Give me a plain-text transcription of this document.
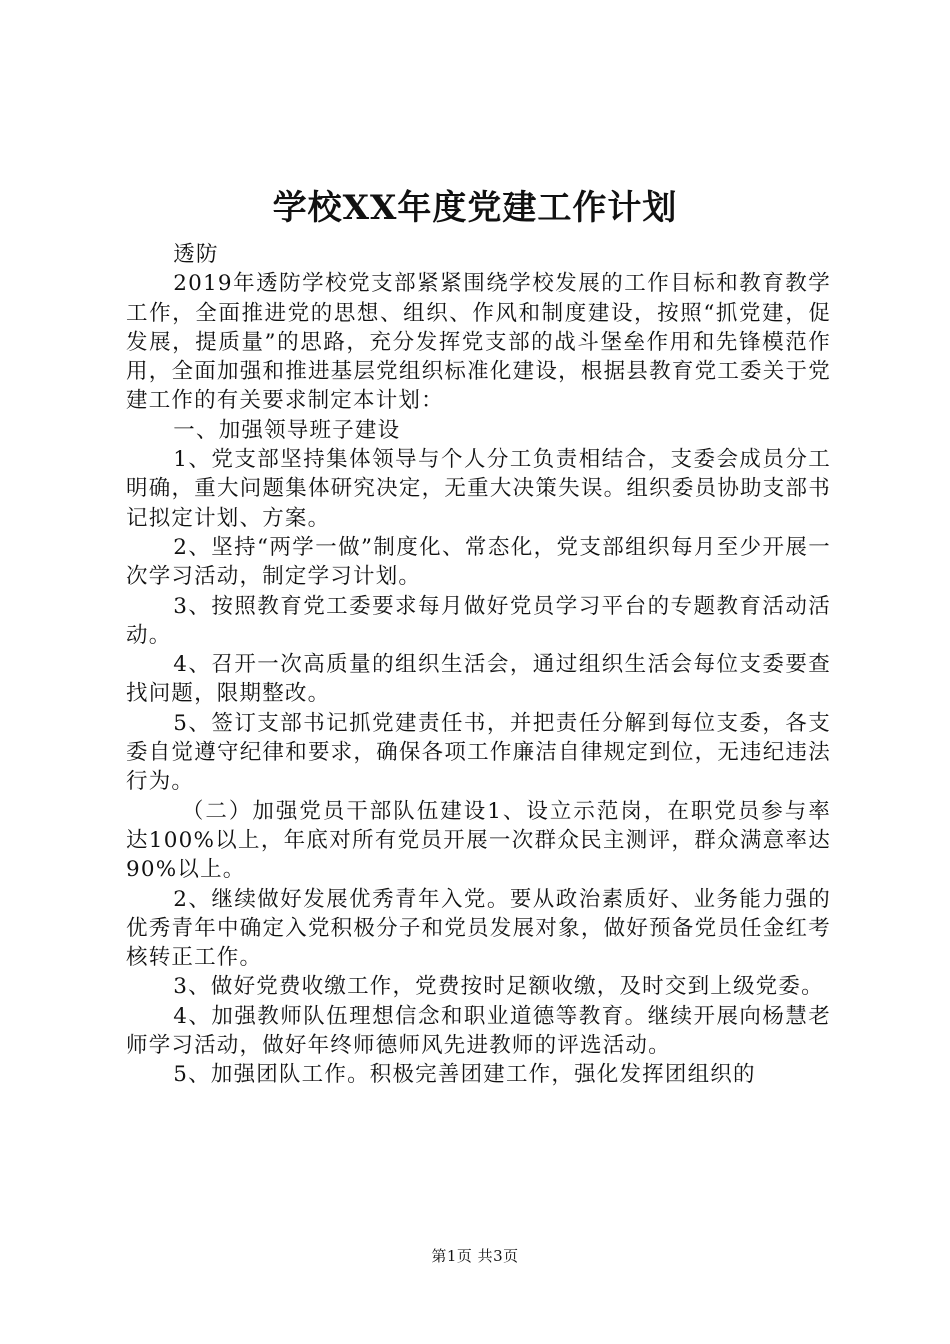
学校XX年度党建工作计划

透防

2019年透防学校党支部紧紧围绕学校发展的工作目标和教育教学工作，全面推进党的思想、组织、作风和制度建设，按照“抓党建，促发展，提质量”的思路，充分发挥党支部的战斗堡垒作用和先锋模范作用，全面加强和推进基层党组织标准化建设，根据县教育党工委关于党建工作的有关要求制定本计划：

一、加强领导班子建设

1、党支部坚持集体领导与个人分工负责相结合，支委会成员分工明确，重大问题集体研究决定，无重大决策失误。组织委员协助支部书记拟定计划、方案。

2、坚持“两学一做”制度化、常态化，党支部组织每月至少开展一次学习活动，制定学习计划。

3、按照教育党工委要求每月做好党员学习平台的专题教育活动活动。

4、召开一次高质量的组织生活会，通过组织生活会每位支委要查找问题，限期整改。

5、签订支部书记抓党建责任书，并把责任分解到每位支委，各支委自觉遵守纪律和要求，确保各项工作廉洁自律规定到位，无违纪违法行为。

（二）加强党员干部队伍建设1、设立示范岗，在职党员参与率达100%以上，年底对所有党员开展一次群众民主测评，群众满意率达90%以上。

2、继续做好发展优秀青年入党。要从政治素质好、业务能力强的优秀青年中确定入党积极分子和党员发展对象，做好预备党员任金红考核转正工作。

3、做好党费收缴工作，党费按时足额收缴，及时交到上级党委。

4、加强教师队伍理想信念和职业道德等教育。继续开展向杨慧老师学习活动，做好年终师德师风先进教师的评选活动。

5、加强团队工作。积极完善团建工作，强化发挥团组织的

第1页 共3页
